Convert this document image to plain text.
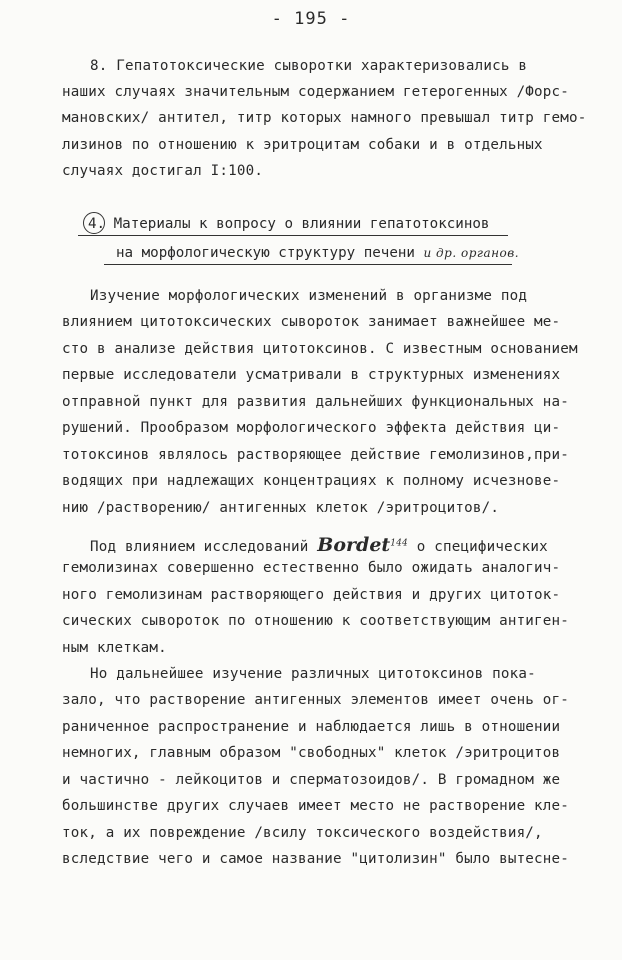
- 195 -
8. Гепатотоксические сыворотки характеризовались в
наших случаях значительным содержанием гетерогенных /Форс-
мановских/ антител, титр которых намного превышал титр гемо-
лизинов по отношению к эритроцитам собаки и в отдельных
случаях достигал I:100.
4. Материалы к вопросу о влиянии гепатотоксинов
на морфологическую структуру печени и др. органов.
Изучение морфологических изменений в организме под
влиянием цитотоксических сывороток занимает важнейшее ме-
сто в анализе действия цитотоксинов. С известным основанием
первые исследователи усматривали в структурных изменениях
отправной пункт для развития дальнейших функциональных на-
рушений. Прообразом морфологического эффекта действия ци-
тотоксинов являлось растворяющее действие гемолизинов,при-
водящих при надлежащих концентрациях к полному исчезнове-
нию /растворению/ антигенных клеток /эритроцитов/.
Под влиянием исследований Bordet$^{144}$ о специфических
гемолизинах совершенно естественно было ожидать аналогич-
ного гемолизинам растворяющего действия и других цитоток-
сических сывороток по отношению к соответствующим антиген-
ным клеткам.
Но дальнейшее изучение различных цитотоксинов пока-
зало, что растворение антигенных элементов имеет очень ог-
раниченное распространение и наблюдается лишь в отношении
немногих, главным образом "свободных" клеток /эритроцитов
и частично - лейкоцитов и сперматозоидов/. В громадном же
большинстве других случаев имеет место не растворение кле-
ток, а их повреждение /всилу токсического воздействия/,
вследствие чего и самое название "цитолизин" было вытесне-
